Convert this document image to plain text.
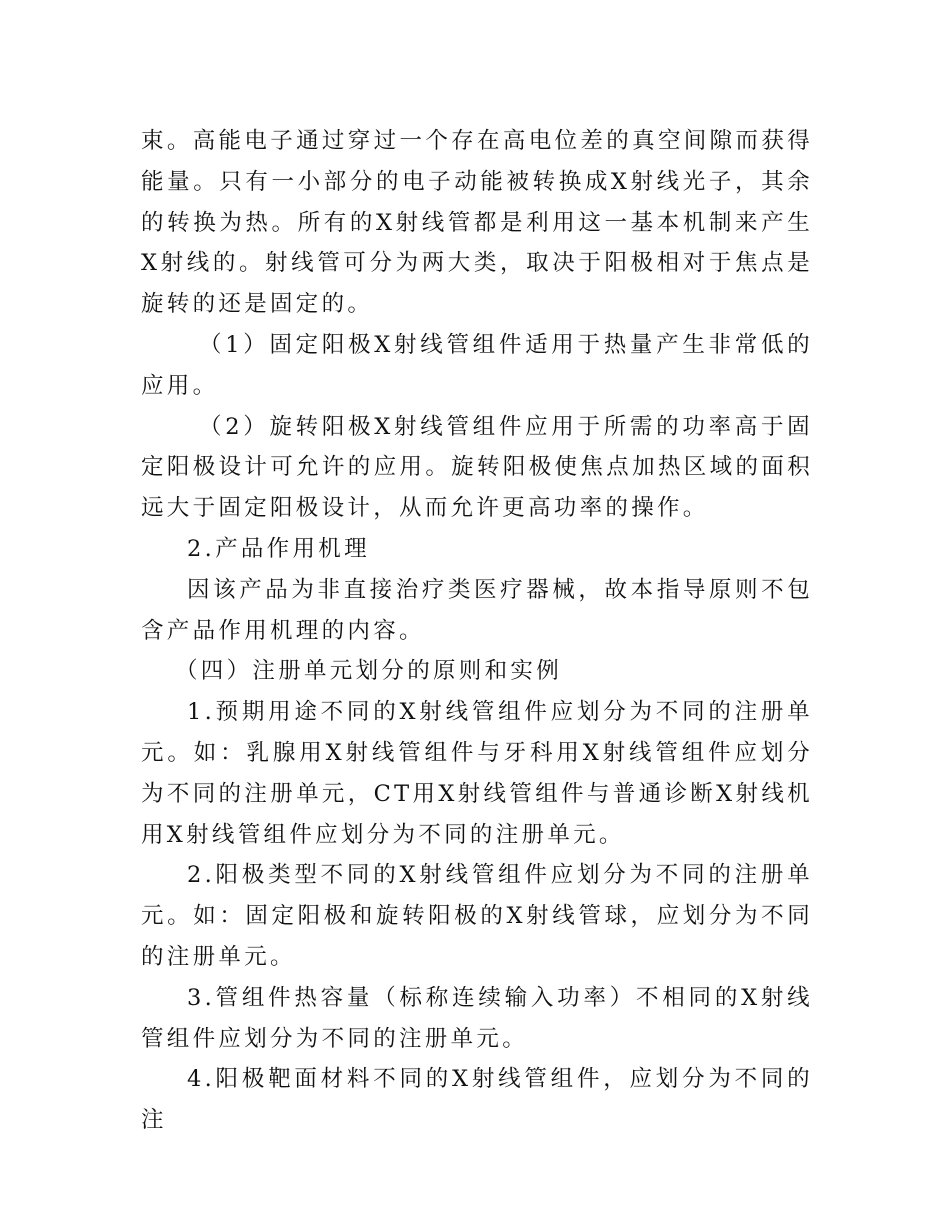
束。高能电子通过穿过一个存在高电位差的真空间隙而获得能量。只有一小部分的电子动能被转换成X射线光子，其余的转换为热。所有的X射线管都是利用这一基本机制来产生X射线的。射线管可分为两大类，取决于阳极相对于焦点是旋转的还是固定的。

（1）固定阳极X射线管组件适用于热量产生非常低的应用。

（2）旋转阳极X射线管组件应用于所需的功率高于固定阳极设计可允许的应用。旋转阳极使焦点加热区域的面积远大于固定阳极设计，从而允许更高功率的操作。

2.产品作用机理

因该产品为非直接治疗类医疗器械，故本指导原则不包含产品作用机理的内容。

（四）注册单元划分的原则和实例

1.预期用途不同的X射线管组件应划分为不同的注册单元。如：乳腺用X射线管组件与牙科用X射线管组件应划分为不同的注册单元，CT用X射线管组件与普通诊断X射线机用X射线管组件应划分为不同的注册单元。

2.阳极类型不同的X射线管组件应划分为不同的注册单元。如：固定阳极和旋转阳极的X射线管球，应划分为不同的注册单元。

3.管组件热容量（标称连续输入功率）不相同的X射线管组件应划分为不同的注册单元。

4.阳极靶面材料不同的X射线管组件，应划分为不同的注
